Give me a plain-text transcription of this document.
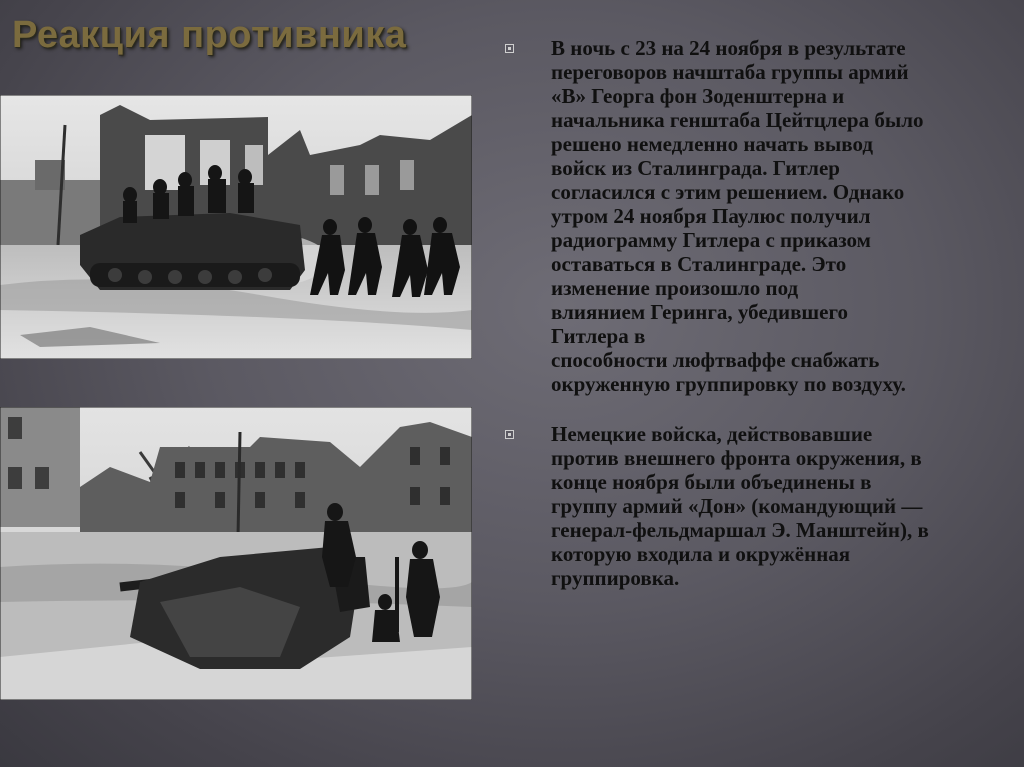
Реакция противника	В ночь с 23 на 24 ноября в результате
переговоров начштаба группы армий
«В» Георга фон Зоденштерна и
начальника генштаба Цейтцлера было
решено немедленно начать вывод
войск из Сталинграда. Гитлер
согласился с этим решением. Однако
утром 24 ноября Паулюс получил
радиограмму Гитлера с приказом
оставаться в Сталинграде. Это
изменение произошло под
влиянием Геринга, убедившего
Гитлера в
способности люфтваффе снабжать
окруженную группировку по воздуху.
Немецкие войска, действовавшие
против внешнего фронта окружения, в
конце ноября были объединены в
группу армий «Дон» (командующий —
генерал-фельдмаршал Э. Манштейн), в
которую входила и окружённая
группировка.
